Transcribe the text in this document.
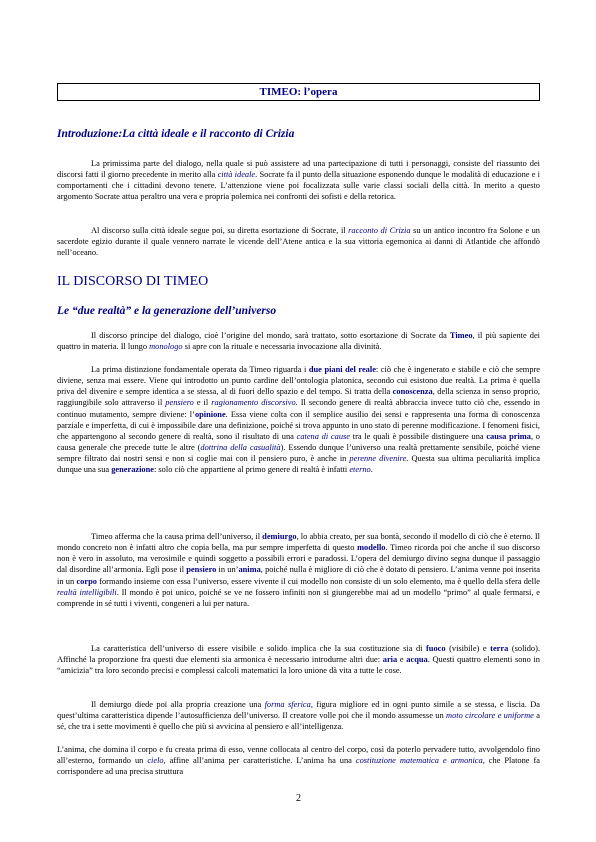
TIMEO: l’opera
Introduzione:La città ideale e il racconto di Crizia

La primissima parte del dialogo, nella quale si può assistere ad una partecipazione di tutti i personaggi, consiste del riassunto dei discorsi fatti il giorno precedente in merito alla città ideale. Socrate fa il punto della situazione esponendo dunque le modalità di educazione e i comportamenti che i cittadini devono tenere. L’attenzione viene poi focalizzata sulle varie classi sociali della città. In merito a questo argomento Socrate attua peraltro una vera e propria polemica nei confronti dei sofisti e della retorica.

Al discorso sulla città ideale segue poi, su diretta esortazione di Socrate, il racconto di Crizia su un antico incontro fra Solone e un sacerdote egizio durante il quale vennero narrate le vicende dell’Atene antica e la sua vittoria egemonica ai danni di Atlantide che affondò nell’oceano.

IL DISCORSO DI TIMEO
Le “due realtà” e la generazione dell’universo

Il discorso principe del dialogo, cioè l’origine del mondo, sarà trattato, sotto esortazione di Socrate da Timeo, il più sapiente dei quattro in materia. Il lungo monologo si apre con la rituale e necessaria invocazione alla divinità.

La prima distinzione fondamentale operata da Timeo riguarda i due piani del reale: ciò che è ingenerato e stabile e ciò che sempre diviene, senza mai essere. Viene qui introdotto un punto cardine dell’ontologia platonica, secondo cui esistono due realtà. La prima è quella priva del divenire e sempre identica a se stessa, al di fuori dello spazio e del tempo. Si tratta della conoscenza, della scienza in senso proprio, raggiungibile solo attraverso il pensiero e il ragionamento discorsivo. Il secondo genere di realtà abbraccia invece tutto ciò che, essendo in continuo mutamento, sempre diviene: l’opinione. Essa viene colta con il semplice ausilio dei sensi e rappresenta una forma di conoscenza parziale e imperfetta, di cui è impossibile dare una definizione, poiché si trova appunto in uno stato di perenne modificazione. I fenomeni fisici, che appartengono al secondo genere di realtà, sono il risultato di una catena di cause tra le quali è possibile distinguere una causa prima, o causa generale che precede tutte le altre (dottrina della casualità). Essendo dunque l’universo una realtà prettamente sensibile, poiché viene sempre filtrato dai nostri sensi e non si coglie mai con il pensiero puro, è anche in perenne divenire. Questa sua ultima peculiarità implica dunque una sua generazione: solo ciò che appartiene al primo genere di realtà è infatti eterno.

Timeo afferma che la causa prima dell’universo, il demiurgo, lo abbia creato, per sua bontà, secondo il modello di ciò che è eterno. Il mondo concreto non è infatti altro che copia bella, ma pur sempre imperfetta di questo modello. Timeo ricorda poi che anche il suo discorso non è vero in assoluto, ma verosimile e quindi soggetto a possibili errori e paradossi. L’opera del demiurgo divino segna dunque il passaggio dal disordine all’armonia. Egli pose il pensiero in un’anima, poiché nulla è migliore di ciò che è dotato di pensiero. L’anima venne poi inserita in un corpo formando insieme con essa l’universo, essere vivente il cui modello non consiste di un solo elemento, ma è quello della sfera delle realtà intelligibili. Il mondo è poi unico, poiché se ve ne fossero infiniti non si giungerebbe mai ad un modello “primo” al quale fermarsi, e comprende in sé tutti i viventi, congeneri a lui per natura.

La caratteristica dell’universo di essere visibile e solido implica che la sua costituzione sia di fuoco (visibile) e terra (solido). Affinché la proporzione fra questi due elementi sia armonica è necessario introdurne altri due: aria e acqua. Questi quattro elementi sono in “amicizia” tra loro secondo precisi e complessi calcoli matematici la loro unione dà vita a tutte le cose.

Il demiurgo diede poi alla propria creazione una forma sferica, figura migliore ed in ogni punto simile a se stessa, e liscia. Da quest’ultima caratteristica dipende l’autosufficienza dell’universo. Il creatore volle poi che il mondo assumesse un moto circolare e uniforme a sé, che tra i sette movimenti è quello che più si avvicina al pensiero e all’intelligenza.

L’anima, che domina il corpo e fu creata prima di esso, venne collocata al centro del corpo, così da poterlo pervadere tutto, avvolgendolo fino all’esterno, formando un cielo, affine all’anima per caratteristiche. L’anima ha una costituzione matematica e armonica, che Platone fa corrispondere ad una precisa struttura

2
